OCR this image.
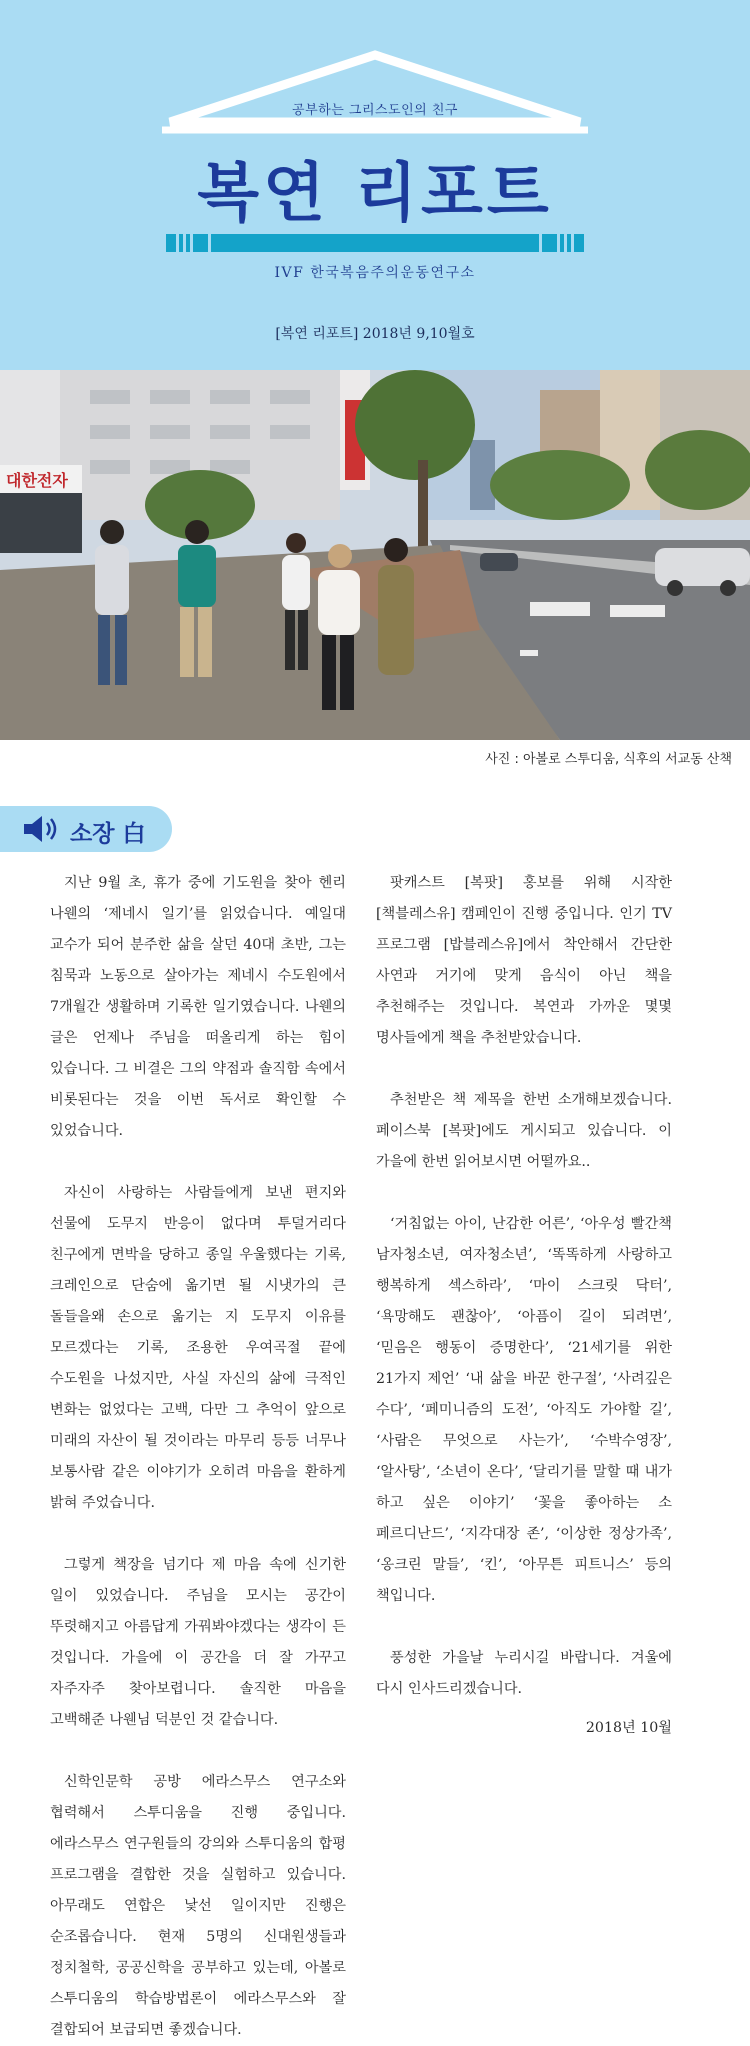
공부하는 그리스도인의 친구
복연 리포트
IVF 한국복음주의운동연구소
[복연 리포트] 2018년 9,10월호
대한전자
사진 : 아볼로 스투디움, 식후의 서교동 산책
소장 白

지난 9월 초, 휴가 중에 기도원을 찾아 헨리 나웬의 ‘제네시 일기’를 읽었습니다. 예일대 교수가 되어 분주한 삶을 살던 40대 초반, 그는 침묵과 노동으로 살아가는 제네시 수도원에서 7개월간 생활하며 기록한 일기였습니다. 나웬의 글은 언제나 주님을 떠올리게 하는 힘이 있습니다. 그 비결은 그의 약점과 솔직함 속에서 비롯된다는 것을 이번 독서로 확인할 수 있었습니다.

자신이 사랑하는 사람들에게 보낸 편지와 선물에 도무지 반응이 없다며 투덜거리다 친구에게 면박을 당하고 종일 우울했다는 기록, 크레인으로 단숨에 옮기면 될 시냇가의 큰 돌들을왜 손으로 옮기는 지 도무지 이유를 모르겠다는 기록, 조용한 우여곡절 끝에 수도원을 나섰지만, 사실 자신의 삶에 극적인 변화는 없었다는 고백, 다만 그 추억이 앞으로 미래의 자산이 될 것이라는 마무리 등등 너무나 보통사람 같은 이야기가 오히려 마음을 환하게 밝혀 주었습니다.

그렇게 책장을 넘기다 제 마음 속에 신기한 일이 있었습니다. 주님을 모시는 공간이 뚜렷해지고 아름답게 가꿔봐야겠다는 생각이 든 것입니다. 가을에 이 공간을 더 잘 가꾸고 자주자주 찾아보렵니다. 솔직한 마음을 고백해준 나웬님 덕분인 것 같습니다.

신학인문학 공방 에라스무스 연구소와 협력해서 스투디움을 진행 중입니다. 에라스무스 연구원들의 강의와 스투디움의 합평 프로그램을 결합한 것을 실험하고 있습니다. 아무래도 연합은 낯선 일이지만 진행은 순조롭습니다. 현재 5명의 신대원생들과 정치철학, 공공신학을 공부하고 있는데, 아볼로 스투디움의 학습방법론이 에라스무스와 잘 결합되어 보급되면 좋겠습니다.

팟캐스트 [복팟] 홍보를 위해 시작한 [책블레스유] 캠페인이 진행 중입니다. 인기 TV 프로그램 [밥블레스유]에서 착안해서 간단한 사연과 거기에 맞게 음식이 아닌 책을 추천해주는 것입니다. 복연과 가까운 몇몇 명사들에게 책을 추천받았습니다.

추천받은 책 제목을 한번 소개해보겠습니다. 페이스북 [복팟]에도 게시되고 있습니다. 이 가을에 한번 읽어보시면 어떨까요..

‘거침없는 아이, 난감한 어른’, ‘아우성 빨간책 남자청소년, 여자청소년’, ‘똑똑하게 사랑하고 행복하게 섹스하라’, ‘마이 스크릿 닥터’, ‘욕망해도 괜찮아’, ‘아픔이 길이 되려면’, ‘믿음은 행동이 증명한다’, ‘21세기를 위한 21가지 제언’ ‘내 삶을 바꾼 한구절’, ‘사려깊은 수다’, ‘페미니즘의 도전’, ‘아직도 가야할 길’, ‘사람은 무엇으로 사는가’, ‘수박수영장’, ‘알사탕’, ‘소년이 온다’, ‘달리기를 말할 때 내가 하고 싶은 이야기’ ‘꽃을 좋아하는 소 페르디난드’, ‘지각대장 존’, ‘이상한 정상가족’, ‘옹크린 말들’, ‘킨’, ‘아무튼 피트니스’ 등의 책입니다.

풍성한 가을날 누리시길 바랍니다. 겨울에 다시 인사드리겠습니다.

2018년 10월
